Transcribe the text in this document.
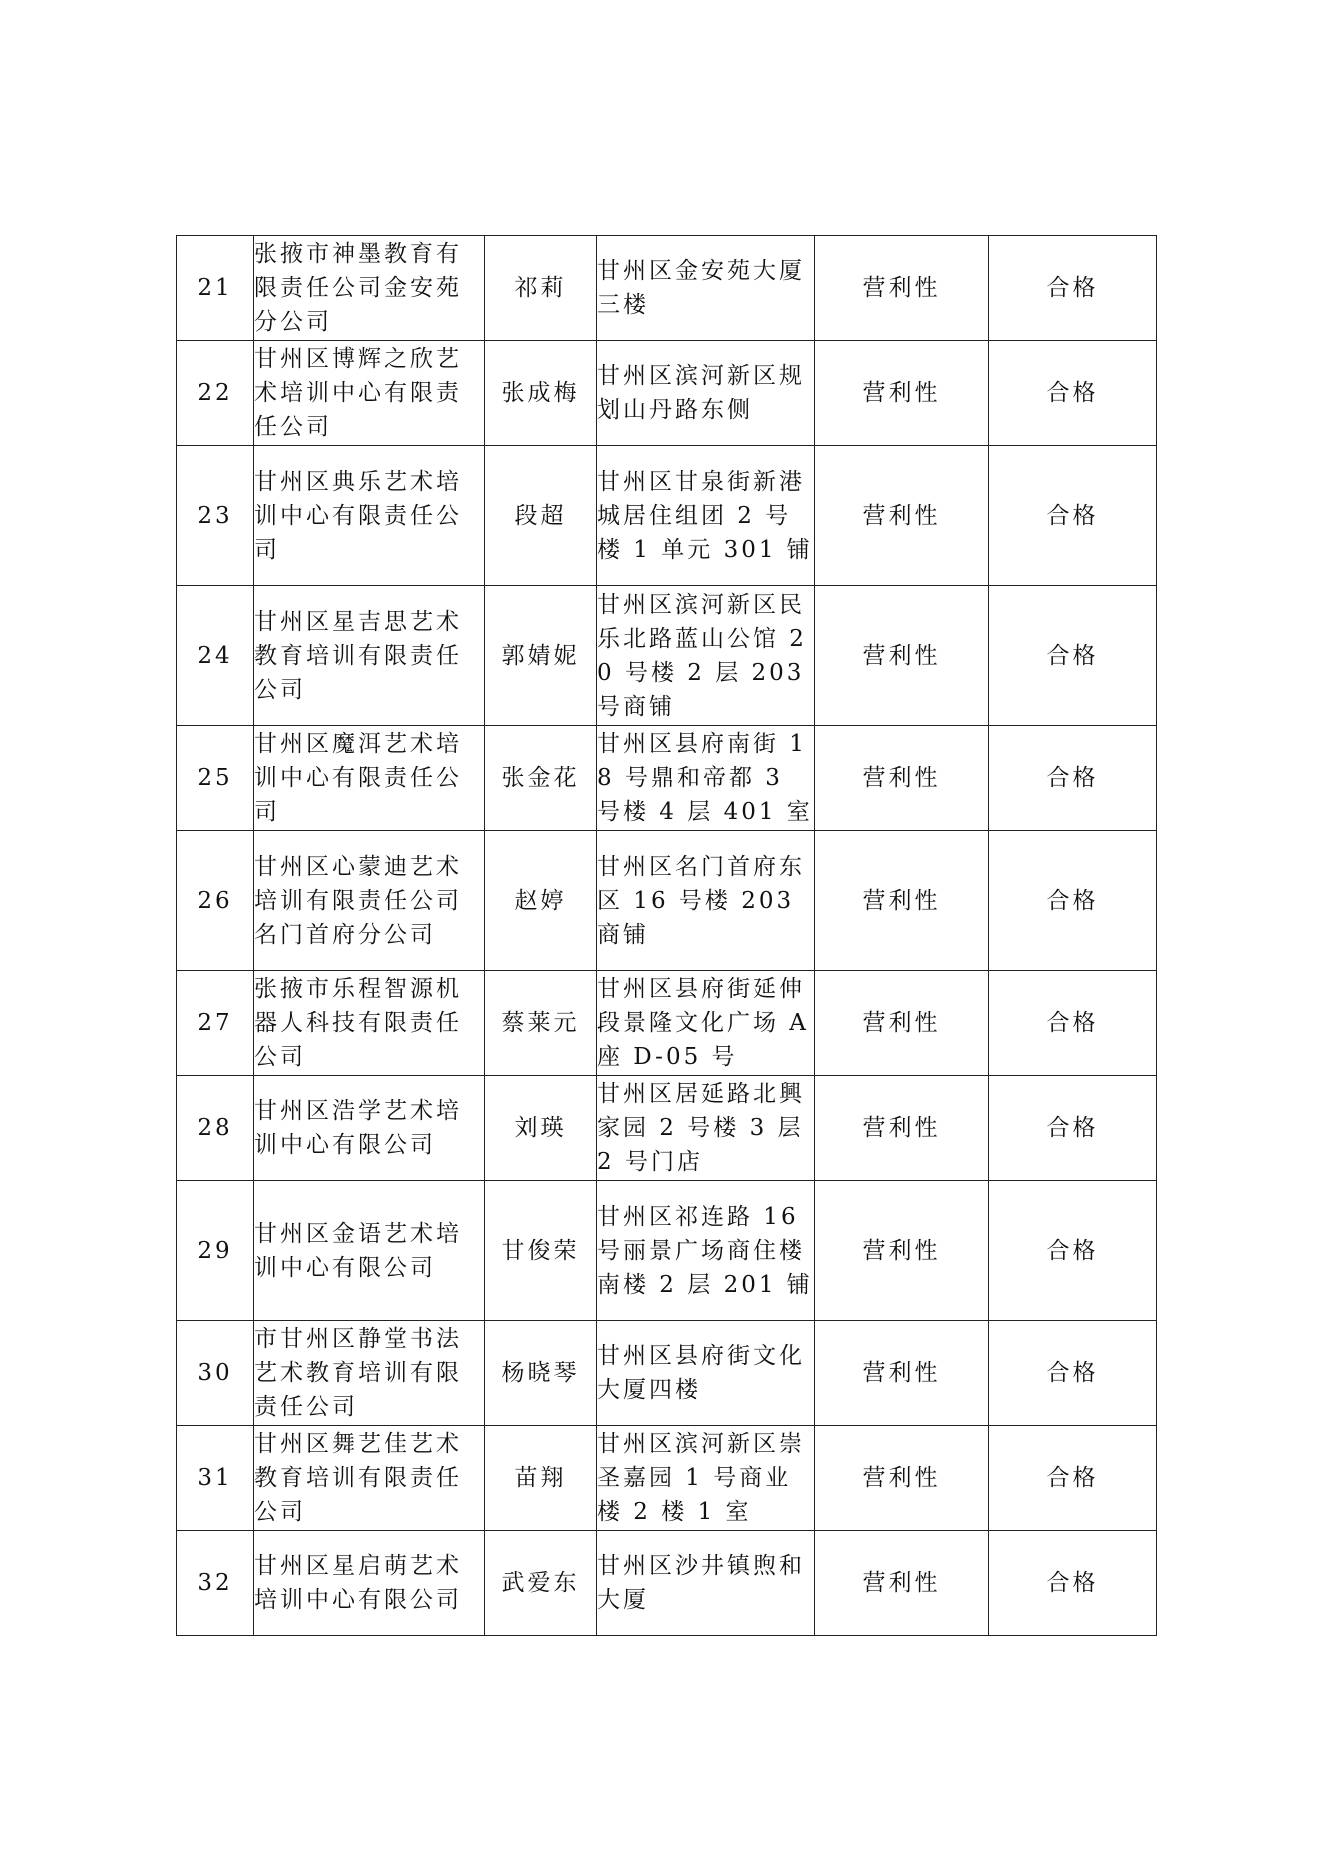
21	张掖市神墨教育有限责任公司金安苑分公司	祁莉	甘州区金安苑大厦三楼	营利性	合格
22	甘州区博辉之欣艺术培训中心有限责任公司	张成梅	甘州区滨河新区规划山丹路东侧	营利性	合格
23	甘州区典乐艺术培训中心有限责任公司	段超	甘州区甘泉街新港城居住组团 2 号楼 1 单元 301 铺	营利性	合格
24	甘州区星吉思艺术教育培训有限责任公司	郭婧妮	甘州区滨河新区民乐北路蓝山公馆 20 号楼 2 层 203 号商铺	营利性	合格
25	甘州区魔洱艺术培训中心有限责任公司	张金花	甘州区县府南街 18 号鼎和帝都 3 号楼 4 层 401 室	营利性	合格
26	甘州区心蒙迪艺术培训有限责任公司名门首府分公司	赵婷	甘州区名门首府东区 16 号楼 203 商铺	营利性	合格
27	张掖市乐程智源机器人科技有限责任公司	蔡莱元	甘州区县府街延伸段景隆文化广场 A 座 D-05 号	营利性	合格
28	甘州区浩学艺术培训中心有限公司	刘瑛	甘州区居延路北興家园 2 号楼 3 层 2 号门店	营利性	合格
29	甘州区金语艺术培训中心有限公司	甘俊荣	甘州区祁连路 16 号丽景广场商住楼南楼 2 层 201 铺	营利性	合格
30	市甘州区静堂书法艺术教育培训有限责任公司	杨晓琴	甘州区县府街文化大厦四楼	营利性	合格
31	甘州区舞艺佳艺术教育培训有限责任公司	苗翔	甘州区滨河新区崇圣嘉园 1 号商业楼 2 楼 1 室	营利性	合格
32	甘州区星启萌艺术培训中心有限公司	武爱东	甘州区沙井镇煦和大厦	营利性	合格
